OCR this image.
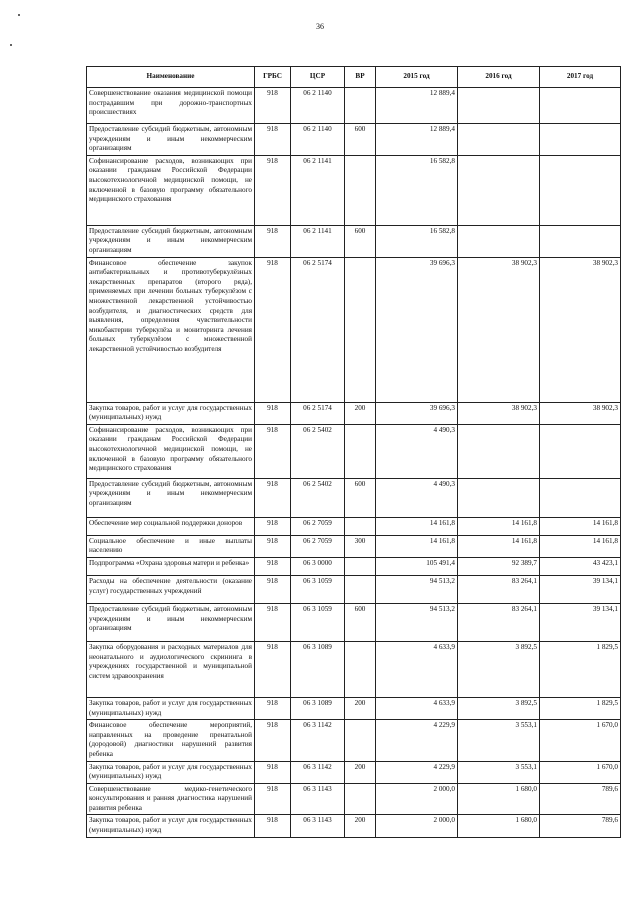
36
Наименование	ГРБС	ЦСР	ВР	2015 год	2016 год	2017 год
Совершенствование оказания медицинской помощи пострадавшим при дорожно-транспортных происшествиях	918	06 2 1140		12 889,4		
Предоставление субсидий бюджетным, автономным учреждениям и иным некоммерческим организациям	918	06 2 1140	600	12 889,4		
Софинансирование расходов, возникающих при оказании гражданам Российской Федерации высокотехнологичной медицинской помощи, не включенной в базовую программу обязательного медицинского страхования	918	06 2 1141		16 582,8		
Предоставление субсидий бюджетным, автономным учреждениям и иным некоммерческим организациям	918	06 2 1141	600	16 582,8		
Финансовое обеспечение закупок антибактериальных и противотуберкулёзных лекарственных препаратов (второго ряда), применяемых при лечении больных туберкулёзом с множественной лекарственной устойчивостью возбудителя, и диагностических средств для выявления, определения чувствительности микобактерии туберкулёза и мониторинга лечения больных туберкулёзом с множественной лекарственной устойчивостью возбудителя	918	06 2 5174		39 696,3	38 902,3	38 902,3
Закупка товаров, работ и услуг для государственных (муниципальных) нужд	918	06 2 5174	200	39 696,3	38 902,3	38 902,3
Софинансирование расходов, возникающих при оказании гражданам Российской Федерации высокотехнологичной медицинской помощи, не включенной в базовую программу обязательного медицинского страхования	918	06 2 5402		4 490,3		
Предоставление субсидий бюджетным, автономным учреждениям и иным некоммерческим организациям	918	06 2 5402	600	4 490,3		
Обеспечение мер социальной поддержки доноров	918	06 2 7059		14 161,8	14 161,8	14 161,8
Социальное обеспечение и иные выплаты населению	918	06 2 7059	300	14 161,8	14 161,8	14 161,8
Подпрограмма «Охрана здоровья матери и ребенка»	918	06 3 0000		105 491,4	92 389,7	43 423,1
Расходы на обеспечение деятельности (оказание услуг) государственных учреждений	918	06 3 1059		94 513,2	83 264,1	39 134,1
Предоставление субсидий бюджетным, автономным учреждениям и иным некоммерческим организациям	918	06 3 1059	600	94 513,2	83 264,1	39 134,1
Закупка оборудования и расходных материалов для неонатального и аудиологического скрининга в учреждениях государственной и муниципальной систем здравоохранения	918	06 3 1089		4 633,9	3 892,5	1 829,5
Закупка товаров, работ и услуг для государственных (муниципальных) нужд	918	06 3 1089	200	4 633,9	3 892,5	1 829,5
Финансовое обеспечение мероприятий, направленных на проведение пренатальной (дородовой) диагностики нарушений развития ребенка	918	06 3 1142		4 229,9	3 553,1	1 670,0
Закупка товаров, работ и услуг для государственных (муниципальных) нужд	918	06 3 1142	200	4 229,9	3 553,1	1 670,0
Совершенствование медико-генетического консультирования и ранняя диагностика нарушений развития ребенка	918	06 3 1143		2 000,0	1 680,0	789,6
Закупка товаров, работ и услуг для государственных (муниципальных) нужд	918	06 3 1143	200	2 000,0	1 680,0	789,6
